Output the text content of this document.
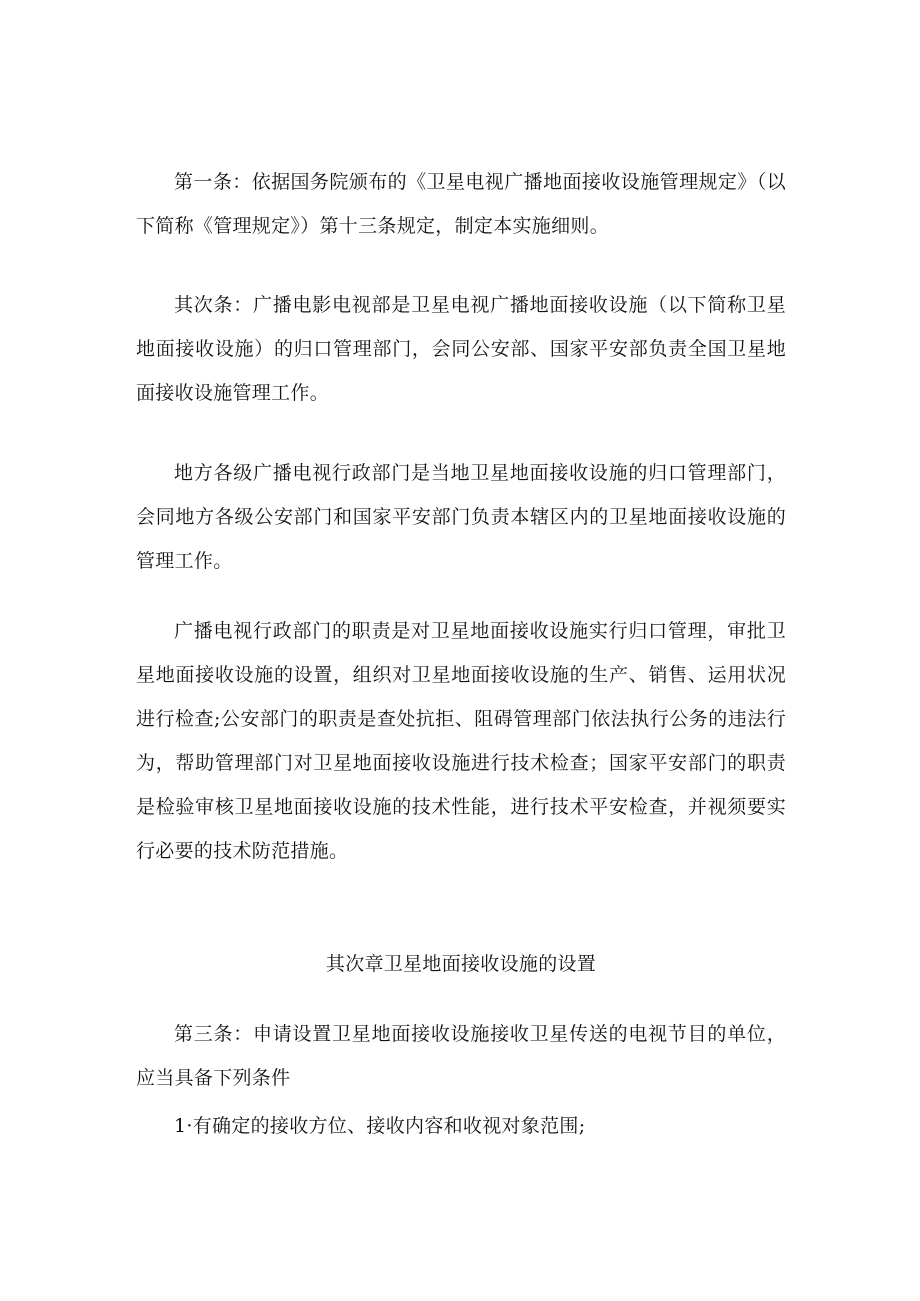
第一条：依据国务院颁布的《卫星电视广播地面接收设施管理规定》（以下简称《管理规定》）第十三条规定，制定本实施细则。

其次条：广播电影电视部是卫星电视广播地面接收设施（以下简称卫星地面接收设施）的归口管理部门，会同公安部、国家平安部负责全国卫星地面接收设施管理工作。

地方各级广播电视行政部门是当地卫星地面接收设施的归口管理部门，会同地方各级公安部门和国家平安部门负责本辖区内的卫星地面接收设施的管理工作。

广播电视行政部门的职责是对卫星地面接收设施实行归口管理，审批卫星地面接收设施的设置，组织对卫星地面接收设施的生产、销售、运用状况进行检查;公安部门的职责是查处抗拒、阻碍管理部门依法执行公务的违法行为，帮助管理部门对卫星地面接收设施进行技术检查；国家平安部门的职责是检验审核卫星地面接收设施的技术性能，进行技术平安检查，并视须要实行必要的技术防范措施。

其次章卫星地面接收设施的设置

第三条：申请设置卫星地面接收设施接收卫星传送的电视节目的单位，应当具备下列条件

1·有确定的接收方位、接收内容和收视对象范围;
